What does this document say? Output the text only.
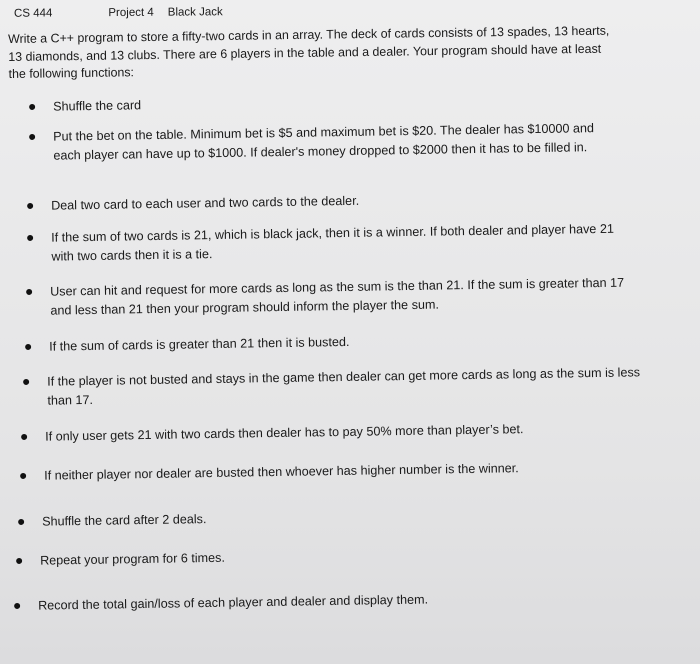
CS 444	Project 4 Black Jack
Write a C++ program to store a fifty-two cards in an array. The deck of cards consists of 13 spades, 13 hearts, 13 diamonds, and 13 clubs. There are 6 players in the table and a dealer. Your program should have at least the following functions:
Shuffle the card
Put the bet on the table. Minimum bet is $5 and maximum bet is $20. The dealer has $10000 and each player can have up to $1000. If dealer's money dropped to $2000 then it has to be filled in.
Deal two card to each user and two cards to the dealer.
If the sum of two cards is 21, which is black jack, then it is a winner. If both dealer and player have 21 with two cards then it is a tie.
User can hit and request for more cards as long as the sum is the than 21. If the sum is greater than 17 and less than 21 then your program should inform the player the sum.
If the sum of cards is greater than 21 then it is busted.
If the player is not busted and stays in the game then dealer can get more cards as long as the sum is less than 17.
If only user gets 21 with two cards then dealer has to pay 50% more than player’s bet.
If neither player nor dealer are busted then whoever has higher number is the winner.
Shuffle the card after 2 deals.
Repeat your program for 6 times.
Record the total gain/loss of each player and dealer and display them.
